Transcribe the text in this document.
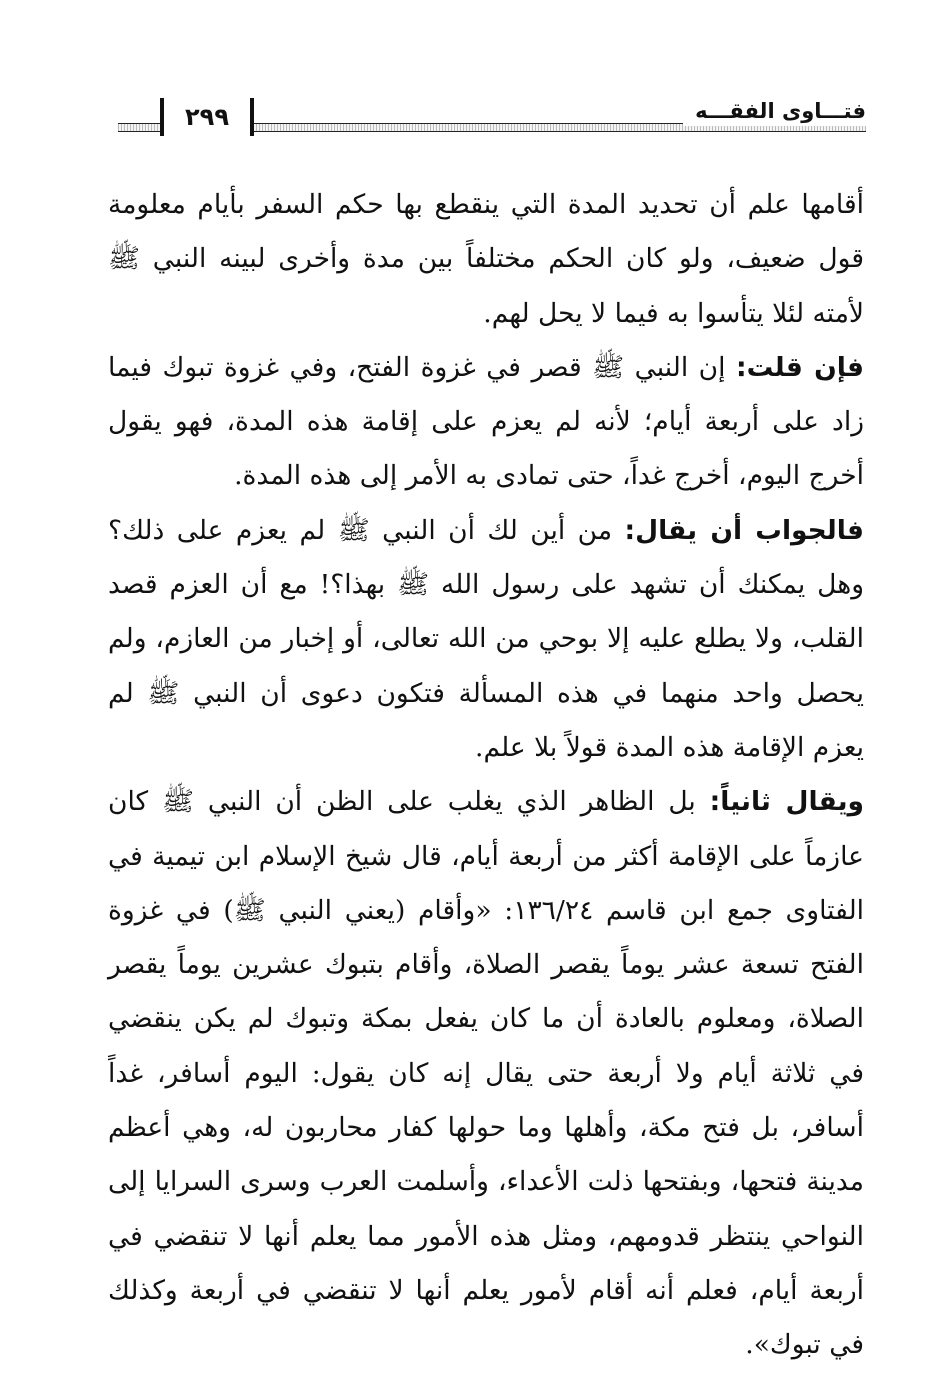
٢٩٩	فتـــاوى الفقـــه

أقامها علم أن تحديد المدة التي ينقطع بها حكم السفر بأيام معلومة قول ضعيف، ولو كان الحكم مختلفاً بين مدة وأخرى لبينه النبي ﷺ لأمته لئلا يتأسوا به فيما لا يحل لهم.

فإن قلت: إن النبي ﷺ قصر في غزوة الفتح، وفي غزوة تبوك فيما زاد على أربعة أيام؛ لأنه لم يعزم على إقامة هذه المدة، فهو يقول أخرج اليوم، أخرج غداً، حتى تمادى به الأمر إلى هذه المدة.

فالجواب أن يقال: من أين لك أن النبي ﷺ لم يعزم على ذلك؟ وهل يمكنك أن تشهد على رسول الله ﷺ بهذا؟! مع أن العزم قصد القلب، ولا يطلع عليه إلا بوحي من الله تعالى، أو إخبار من العازم، ولم يحصل واحد منهما في هذه المسألة فتكون دعوى أن النبي ﷺ لم يعزم الإقامة هذه المدة قولاً بلا علم.

ويقال ثانياً: بل الظاهر الذي يغلب على الظن أن النبي ﷺ كان عازماً على الإقامة أكثر من أربعة أيام، قال شيخ الإسلام ابن تيمية في الفتاوى جمع ابن قاسم ١٣٦/٢٤: «وأقام (يعني النبي ﷺ) في غزوة الفتح تسعة عشر يوماً يقصر الصلاة، وأقام بتبوك عشرين يوماً يقصر الصلاة، ومعلوم بالعادة أن ما كان يفعل بمكة وتبوك لم يكن ينقضي في ثلاثة أيام ولا أربعة حتى يقال إنه كان يقول: اليوم أسافر، غداً أسافر، بل فتح مكة، وأهلها وما حولها كفار محاربون له، وهي أعظم مدينة فتحها، وبفتحها ذلت الأعداء، وأسلمت العرب وسرى السرايا إلى النواحي ينتظر قدومهم، ومثل هذه الأمور مما يعلم أنها لا تنقضي في أربعة أيام، فعلم أنه أقام لأمور يعلم أنها لا تنقضي في أربعة وكذلك في تبوك».
